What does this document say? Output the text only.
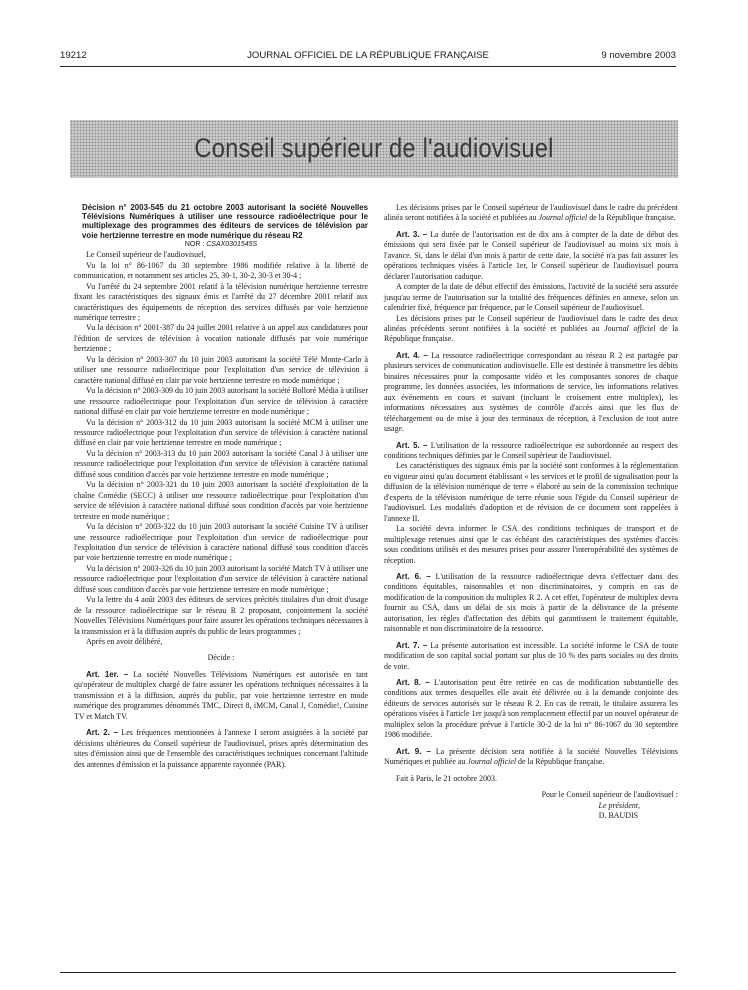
19212	JOURNAL OFFICIEL DE LA RÉPUBLIQUE FRANÇAISE	9 novembre 2003
Conseil supérieur de l'audiovisuel

Décision n° 2003-545 du 21 octobre 2003 autorisant la société Nouvelles Télévisions Numériques à utiliser une ressource radioélectrique pour le multiplexage des programmes des éditeurs de services de télévision par voie hertzienne terrestre en mode numérique du réseau R2

NOR : CSAX0301545S

Le Conseil supérieur de l'audiovisuel,

Vu la loi n° 86-1067 du 30 septembre 1986 modifiée relative à la liberté de communication, et notamment ses articles 25, 30-1, 30-2, 30-3 et 30-4 ;

Vu l'arrêté du 24 septembre 2001 relatif à la télévision numérique hertzienne terrestre fixant les caractéristiques des signaux émis et l'arrêté du 27 décembre 2001 relatif aux caractéristiques des équipements de réception des services diffusés par voie hertzienne numérique terrestre ;

Vu la décision n° 2001-387 du 24 juillet 2001 relative à un appel aux candidatures pour l'édition de services de télévision à vocation nationale diffusés par voie numérique hertzienne ;

Vu la décision n° 2003-307 du 10 juin 2003 autorisant la société Télé Monte-Carlo à utiliser une ressource radioélectrique pour l'exploitation d'un service de télévision à caractère national diffusé en clair par voie hertzienne terrestre en mode numérique ;

Vu la décision n° 2003-309 du 10 juin 2003 autorisant la société Bolloré Média à utiliser une ressource radioélectrique pour l'exploitation d'un service de télévision à caractère national diffusé en clair par voie hertzienne terrestre en mode numérique ;

Vu la décision n° 2003-312 du 10 juin 2003 autorisant la société MCM à utiliser une ressource radioélectrique pour l'exploitation d'un service de télévision à caractère national diffusé en clair par voie hertzienne terrestre en mode numérique ;

Vu la décision n° 2003-313 du 10 juin 2003 autorisant la société Canal J à utiliser une ressource radioélectrique pour l'exploitation d'un service de télévision à caractère national diffusé sous condition d'accès par voie hertzienne terrestre en mode numérique ;

Vu la décision n° 2003-321 du 10 juin 2003 autorisant la société d'exploitation de la chaîne Comédie (SECC) à utiliser une ressource radioélectrique pour l'exploitation d'un service de télévision à caractère national diffusé sous condition d'accès par voie hertzienne terrestre en mode numérique ;

Vu la décision n° 2003-322 du 10 juin 2003 autorisant la société Cuisine TV à utiliser une ressource radioélectrique pour l'exploitation d'un service de radioélectrique pour l'exploitation d'un service de télévision à caractère national diffusé sous condition d'accès par voie hertzienne terrestre en mode numérique ;

Vu la décision n° 2003-326 du 10 juin 2003 autorisant la société Match TV à utiliser une ressource radioélectrique pour l'exploitation d'un service de télévision à caractère national diffusé sous condition d'accès par voie hertzienne terrestre en mode numérique ;

Vu la lettre du 4 août 2003 des éditeurs de services précités titulaires d'un droit d'usage de la ressource radioélectrique sur le réseau R 2 proposant, conjointement la société Nouvelles Télévisions Numériques pour faire assurer les opérations techniques nécessaires à la transmission et à la diffusion auprès du public de leurs programmes ;

Après en avoir délibéré,

Décide :

Art. 1er. – La société Nouvelles Télévisions Numériques est autorisée en tant qu'opérateur de multiplex chargé de faire assurer les opérations techniques nécessaires à la transmission et à la diffusion, auprès du public, par voie hertzienne terrestre en mode numérique des programmes dénommés TMC, Direct 8, iMCM, Canal J, Comédie!, Cuisine TV et Match TV.

Art. 2. – Les fréquences mentionnées à l'annexe I seront assignées à la société par décisions ultérieures du Conseil supérieur de l'audiovisuel, prises après détermination des sites d'émission ainsi que de l'ensemble des caractéristiques techniques concernant l'altitude des antennes d'émission et la puissance apparente rayonnée (PAR).

Les décisions prises par le Conseil supérieur de l'audiovisuel dans le cadre du précédent alinéa seront notifiées à la société et publiées au Journal officiel de la République française.

Art. 3. – La durée de l'autorisation est de dix ans à compter de la date de début des émissions qui sera fixée par le Conseil supérieur de l'audiovisuel au moins six mois à l'avance. Si, dans le délai d'un mois à partir de cette date, la société n'a pas fait assurer les opérations techniques visées à l'article 1er, le Conseil supérieur de l'audiovisuel pourra déclarer l'autorisation caduque.

A compter de la date de début effectif des émissions, l'activité de la société sera assurée jusqu'au terme de l'autorisation sur la totalité des fréquences définies en annexe, selon un calendrier fixé, fréquence par fréquence, par le Conseil supérieur de l'audiovisuel.

Les décisions prises par le Conseil supérieur de l'audiovisuel dans le cadre des deux alinéas précédents seront notifiées à la société et publiées au Journal officiel de la République française.

Art. 4. – La ressource radioélectrique correspondant au réseau R 2 est partagée par plusieurs services de communication audiovisuelle. Elle est destinée à transmettre les débits binaires nécessaires pour la composante vidéo et les composantes sonores de chaque programme, les données associées, les informations de service, les informations relatives aux événements en cours et suivant (incluant le croisement entre multiplex), les informations nécessaires aux systèmes de contrôle d'accès ainsi que les flux de téléchargement ou de mise à jour des terminaux de réception, à l'exclusion de tout autre usage.

Art. 5. – L'utilisation de la ressource radioélectrique est subordonnée au respect des conditions techniques définies par le Conseil supérieur de l'audiovisuel.

Les caractéristiques des signaux émis par la société sont conformes à la réglementation en vigueur ainsi qu'au document établissant « les services et le profil de signalisation pour la diffusion de la télévision numérique de terre » élaboré au sein de la commission technique d'experts de la télévision numérique de terre réunie sous l'égide du Conseil supérieur de l'audiovisuel. Les modalités d'adoption et de révision de ce document sont rappelées à l'annexe II.

La société devra informer le CSA des conditions techniques de transport et de multiplexage retenues ainsi que le cas échéant des caractéristiques des systèmes d'accès sous conditions utilisés et des mesures prises pour assurer l'interopérabilité des systèmes de réception.

Art. 6. – L'utilisation de la ressource radioélectrique devra s'effectuer dans des conditions équitables, raisonnables et non discriminatoires, y compris en cas de modification de la composition du multiplex R 2. A cet effet, l'opérateur de multiplex devra fournir au CSA, dans un délai de six mois à partir de la délivrance de la présente autorisation, les règles d'affectation des débits qui garantissent le traitement équitable, raisonnable et non discriminatoire de la ressource.

Art. 7. – La présente autorisation est incessible. La société informe le CSA de toute modification de son capital social portant sur plus de 10 % des parts sociales ou des droits de vote.

Art. 8. – L'autorisation peut être retirée en cas de modification substantielle des conditions aux termes desquelles elle avait été délivrée ou à la demande conjointe des éditeurs de services autorisés sur le réseau R 2. En cas de retrait, le titulaire assurera les opérations visées à l'article 1er jusqu'à son remplacement effectif par un nouvel opérateur de multiplex selon la procédure prévue à l'article 30-2 de la loi n° 86-1067 du 30 septembre 1986 modifiée.

Art. 9. – La présente décision sera notifiée à la société Nouvelles Télévisions Numériques et publiée au Journal officiel de la République française.

Fait à Paris, le 21 octobre 2003.

Pour le Conseil supérieur de l'audiovisuel :

Le président,

D. BAUDIS
